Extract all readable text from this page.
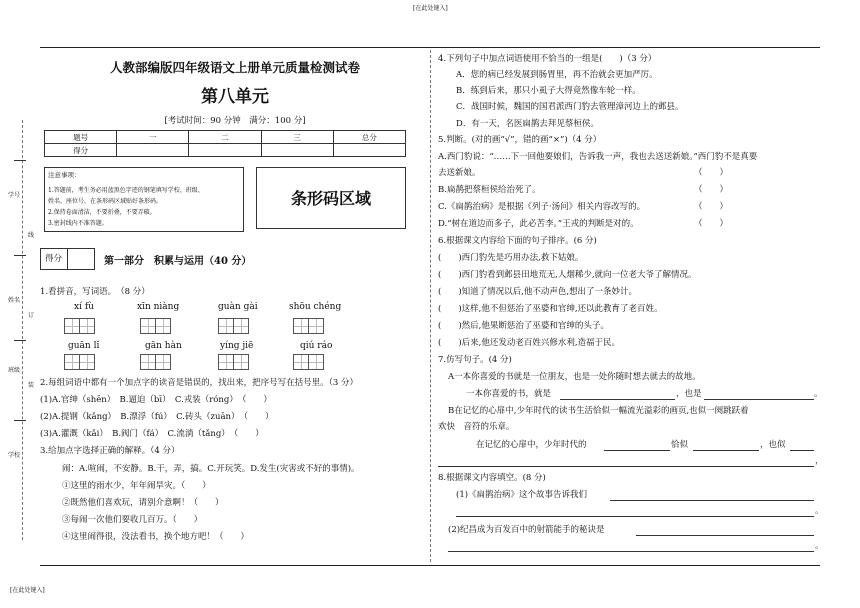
[在此处键入]
[在此处键入]
学号
线
姓名
订
班级
装
学校
人教部编版四年级语文上册单元质量检测试卷
第八单元
[考试时间：90 分钟　满分：100 分]
题号	一	二	三	总分
得分				
注意事项：
1.答题前，考生务必用蓝黑色字迹的钢笔填写学校、班级、
姓名、座位号，在条形码区域贴好条形码。
2.保持卷面清洁，不要折叠，不要弄破。
3.密封线内不准答题。
条形码区域
得分	第一部分　积累与运用（40 分）
1.看拼音，写词语。　（8 分）
xí fù	xīn niàng	guàn gài	shōu chéng
guān lǐ	gān hàn	yíng jiē	qiú ráo
2.每组词语中都有一个加点字的读音是错误的，找出来，把序号写在括号里。（3 分）
(1)A.官绅（shēn）　B.逼迫（bī）　C.戎装（róng）　（　　）
(2)A.提钢（kǎng）　B.漂浮（fú）　C.砖头（zuān）　（　　）
(3)A.灌溉（kǎi）　B.阀门（fá）　C.流淌（tǎng）　（　　）
3.给加点字选择正确的解释。（4 分）
闹：A.喧闹，不安静。B.干，弄，搞。C.开玩笑。D.发生(灾害或不好的事情)。
①这里的雨水少，年年闹旱灾。（　　）
②既然他们喜欢玩，请别介意啊！（　　）
③每闹一次他们要收几百万。（　　）
④这里闹得很，没法看书，换个地方吧！（　　）
4.下列句子中加点词语使用不恰当的一组是(　　)（3 分）
A．您的病已经发展到肠胃里，再不治就会更加严厉。
B．练到后来，那只小虱子大得竟然像车轮一样。
C．战国时候，魏国的国君派西门豹去管理漳河边上的邺县。
D．有一天，名医扁鹊去拜见蔡桓侯。
5.判断。(对的画“√”，错的画“×”)（4 分）
A.西门豹说：“……下一回他要娘们，告诉我一声，我也去送送新娘。”西门豹不是真要
去送新娘。	（　　）
B.扁鹊把蔡桓侯给治死了。	（　　）
C.《扁鹊治病》是根据《列子·汤问》相关内容改写的。	（　　）
D.“树在道边而多子，此必苦李。”王戎的判断是对的。	（　　）
6.根据课文内容给下面的句子排序。(6 分)
(　　)西门豹先是巧用办法,救下姑娘。
(　　)西门豹看到邺县田地荒无,人烟稀少,就向一位老大爷了解情况。
(　　)知道了情况以后,他不动声色,想出了一条妙计。
(　　)这样,他不但惩治了巫婆和官绅,还以此教育了老百姓。
(　　)然后,他果断惩治了巫婆和官绅的头子。
(　　)后来,他还发动老百姓兴修水利,造福于民。
7.仿写句子。(4 分)
A一本你喜爱的书就是一位朋友，也是一处你随时想去就去的故地。
一本你喜爱的书，就是	，也是	。
B在记忆的心扉中,少年时代的读书生活恰似一幅流光溢彩的画页,也似一阕跳跃着
欢快　音符的乐章。
在记忆的心扉中，少年时代的	恰似	，也似
，
8.根据课文内容填空。(8 分)
(1)《扁鹊治病》这个故事告诉我们
。
(2)纪昌成为百发百中的射箭能手的秘诀是
。
